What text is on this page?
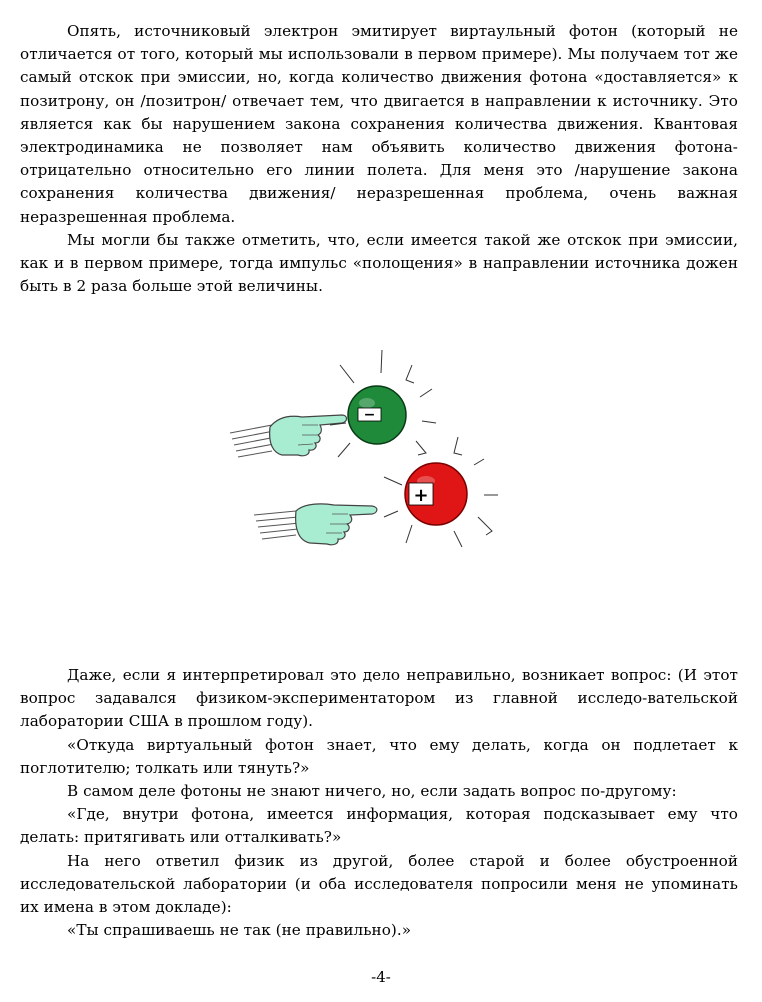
Опять, источниковый электрон эмитирует виртаульный фотон (который не отличается от того, который мы использовали в первом примере). Мы получаем тот же самый отскок при эмиссии, но, когда количество движения фотона «доставляется» к позитрону, он /позитрон/ отвечает тем, что двигается в направлении к источнику. Это является как бы нарушением закона сохранения количества движения. Квантовая электродинамика не позволяет нам объявить количество движения фотона-отрицательно относительно его линии полета. Для меня это /нарушение закона сохранения количества движения/ неразрешенная проблема, очень важная неразрешенная проблема.

Мы могли бы также отметить, что, если имеется такой же отскок при эмиссии, как и в первом примере, тогда импульс «полощения» в направлении источника дожен быть в 2 раза больше этой величины.

−
+

Даже, если я интерпретировал это дело неправильно, возникает вопрос: (И этот вопрос задавался физиком-экспериментатором из главной исследо-вательской лаборатории США в прошлом году).

«Откуда виртуальный фотон знает, что ему делать, когда он подлетает к поглотителю; толкать или тянуть?»

В самом деле фотоны не знают ничего, но, если задать вопрос по-другому:

«Где, внутри фотона, имеется информация, которая подсказывает ему что делать: притягивать или отталкивать?»

На него ответил физик из другой, более старой и более обустроенной исследовательской лаборатории (и оба исследователя попросили меня не упоминать их имена в этом докладе):

«Ты спрашиваешь не так (не правильно).»

-4-
